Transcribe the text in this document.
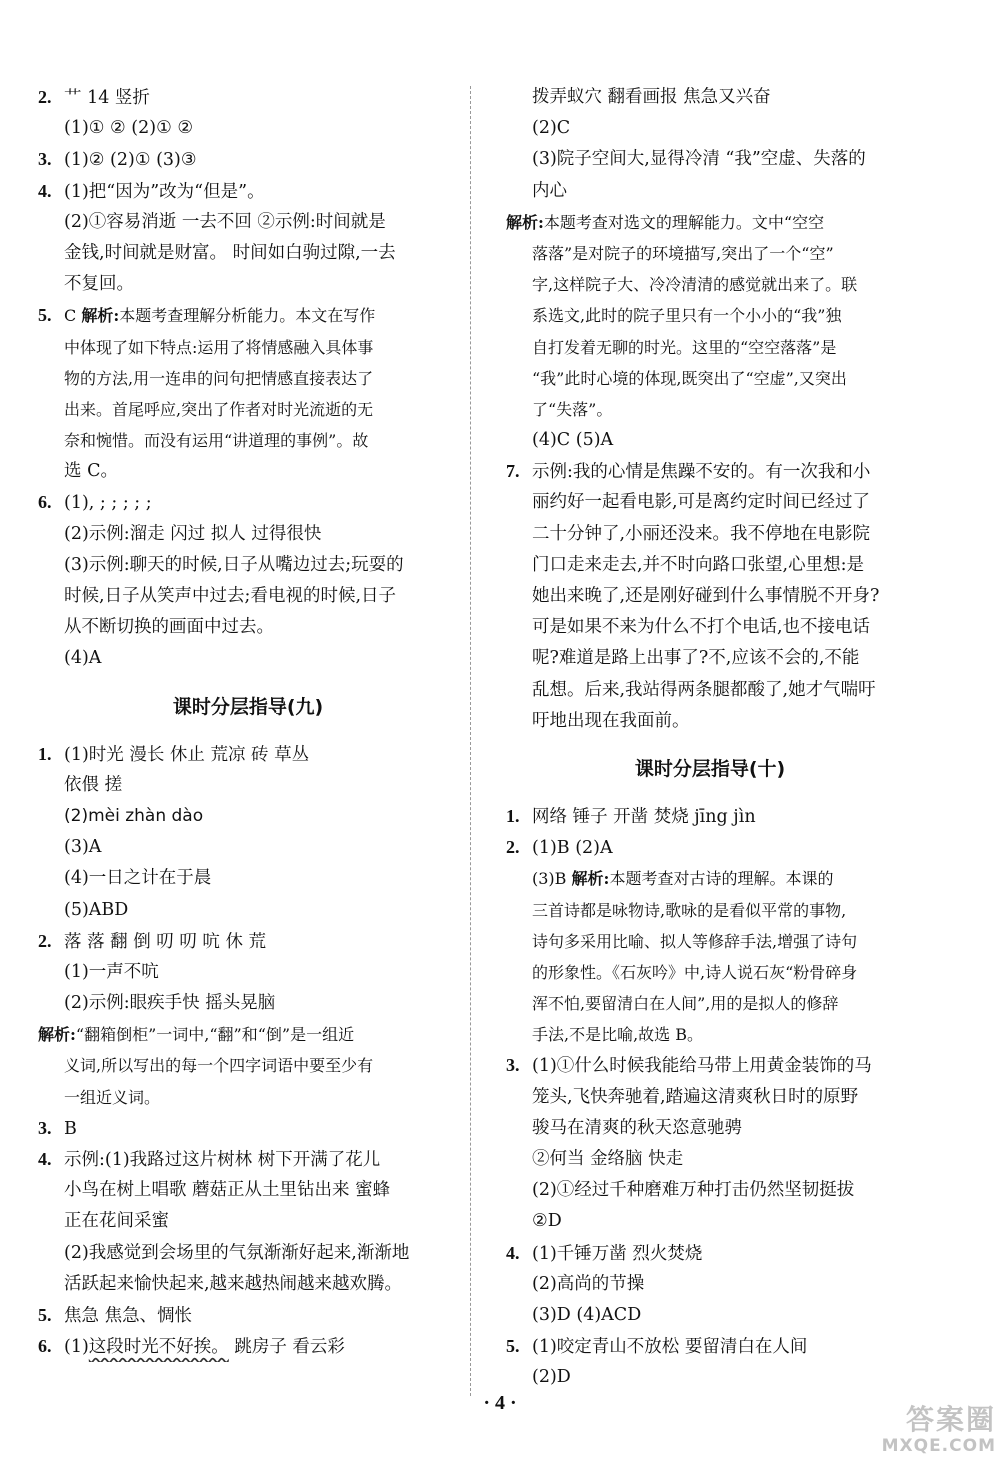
2. 艹 14 竖折
(1)① ② (2)① ②
3. (1)② (2)① (3)③
4. (1)把“因为”改为“但是”。
(2)①容易消逝 一去不回 ②示例:时间就是
金钱,时间就是财富。 时间如白驹过隙,一去
不复回。
5. C 解析:本题考查理解分析能力。本文在写作
中体现了如下特点:运用了将情感融入具体事
物的方法,用一连串的问句把情感直接表达了
出来。首尾呼应,突出了作者对时光流逝的无
奈和惋惜。而没有运用“讲道理的事例”。故
选 C。
6. (1), ; ; ; ; ;
(2)示例:溜走 闪过 拟人 过得很快
(3)示例:聊天的时候,日子从嘴边过去;玩耍的
时候,日子从笑声中过去;看电视的时候,日子
从不断切换的画面中过去。
(4)A
课时分层指导(九)
1. (1)时光 漫长 休止 荒凉 砖 草丛
依偎 搓
(2)mèi zhàn dào
(3)A
(4)一日之计在于晨
(5)ABD
2. 落 落 翻 倒 叨 叨 吭 休 荒
(1)一声不吭
(2)示例:眼疾手快 摇头晃脑
解析:“翻箱倒柜”一词中,“翻”和“倒”是一组近
义词,所以写出的每一个四字词语中要至少有
一组近义词。
3. B
4. 示例:(1)我路过这片树林 树下开满了花儿
小鸟在树上唱歌 蘑菇正从土里钻出来 蜜蜂
正在花间采蜜
(2)我感觉到会场里的气氛渐渐好起来,渐渐地
活跃起来愉快起来,越来越热闹越来越欢腾。
5. 焦急 焦急、惆怅
6. (1)这段时光不好挨。 跳房子 看云彩
拨弄蚁穴 翻看画报 焦急又兴奋
(2)C
(3)院子空间大,显得冷清 “我”空虚、失落的
内心
解析:本题考查对选文的理解能力。文中“空空
落落”是对院子的环境描写,突出了一个“空”
字,这样院子大、冷冷清清的感觉就出来了。联
系选文,此时的院子里只有一个小小的“我”独
自打发着无聊的时光。这里的“空空落落”是
“我”此时心境的体现,既突出了“空虚”,又突出
了“失落”。
(4)C (5)A
7. 示例:我的心情是焦躁不安的。有一次我和小
丽约好一起看电影,可是离约定时间已经过了
二十分钟了,小丽还没来。我不停地在电影院
门口走来走去,并不时向路口张望,心里想:是
她出来晚了,还是刚好碰到什么事情脱不开身?
可是如果不来为什么不打个电话,也不接电话
呢?难道是路上出事了?不,应该不会的,不能
乱想。后来,我站得两条腿都酸了,她才气喘吁
吁地出现在我面前。
课时分层指导(十)
1. 网络 锤子 开凿 焚烧 jīng jìn
2. (1)B (2)A
(3)B 解析:本题考查对古诗的理解。本课的
三首诗都是咏物诗,歌咏的是看似平常的事物,
诗句多采用比喻、拟人等修辞手法,增强了诗句
的形象性。《石灰吟》中,诗人说石灰“粉骨碎身
浑不怕,要留清白在人间”,用的是拟人的修辞
手法,不是比喻,故选 B。
3. (1)①什么时候我能给马带上用黄金装饰的马
笼头,飞快奔驰着,踏遍这清爽秋日时的原野
骏马在清爽的秋天恣意驰骋
②何当 金络脑 快走
(2)①经过千种磨难万种打击仍然坚韧挺拔
②D
4. (1)千锤万凿 烈火焚烧
(2)高尚的节操
(3)D (4)ACD
5. (1)咬定青山不放松 要留清白在人间
(2)D
· 4 ·	答案圈
MXQE.COM
